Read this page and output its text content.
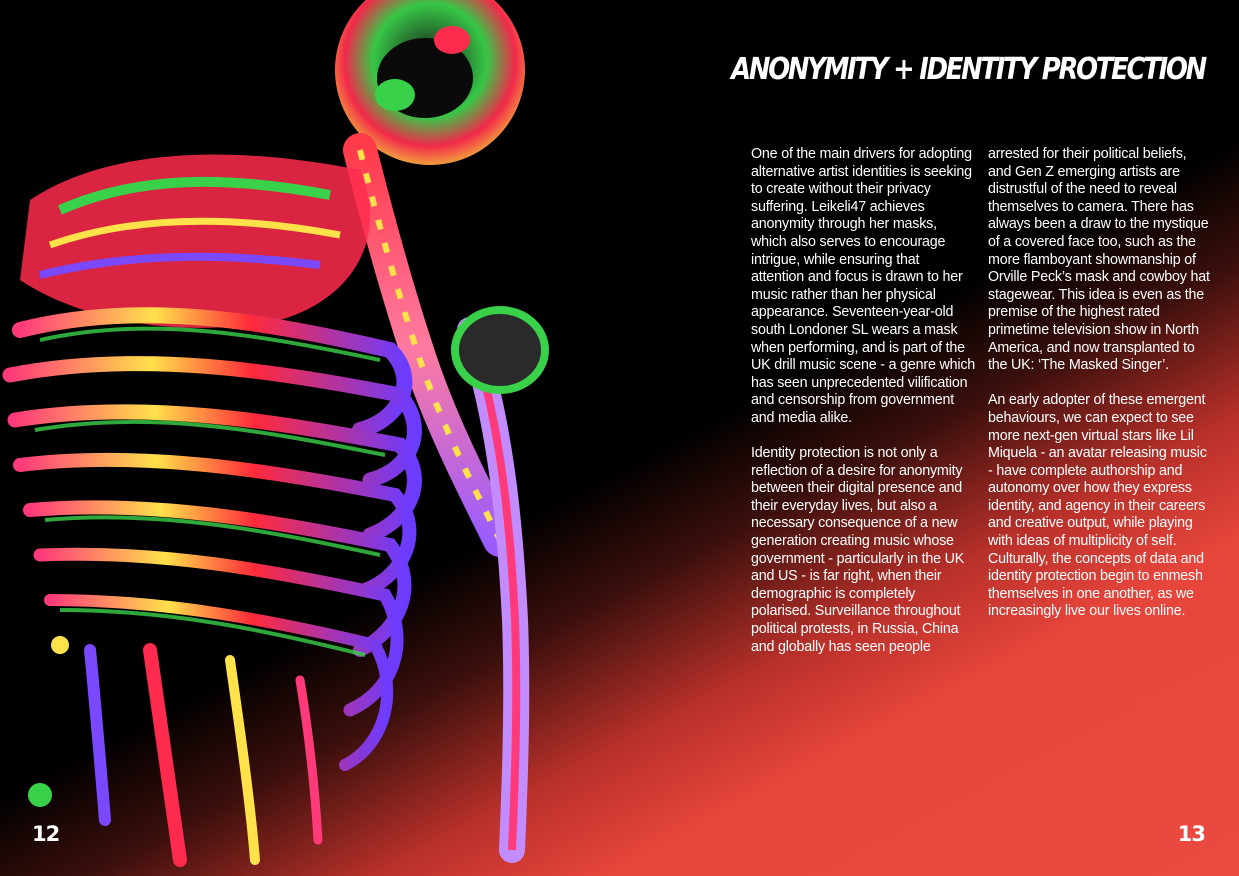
ANONYMITY + IDENTITY PROTECTION

One of the main drivers for adopting alternative artist identities is seeking to create without their privacy suffering. Leikeli47 achieves anonymity through her masks, which also serves to encourage intrigue, while ensuring that attention and focus is drawn to her music rather than her physical appearance. Seventeen-year-old south Londoner SL wears a mask when performing, and is part of the UK drill music scene - a genre which has seen unprecedented vilification and censorship from government and media alike.

Identity protection is not only a reflection of a desire for anonymity between their digital presence and their everyday lives, but also a necessary consequence of a new generation creating music whose government - particularly in the UK and US - is far right, when their demographic is completely polarised. Surveillance throughout political protests, in Russia, China and globally has seen people

arrested for their political beliefs, and Gen Z emerging artists are distrustful of the need to reveal themselves to camera. There has always been a draw to the mystique of a covered face too, such as the more flamboyant showmanship of Orville Peck’s mask and cowboy hat stagewear. This idea is even as the premise of the highest rated primetime television show in North America, and now transplanted to the UK: ‘The Masked Singer’.

An early adopter of these emergent behaviours, we can expect to see more next-gen virtual stars like Lil Miquela - an avatar releasing music - have complete authorship and autonomy over how they express identity, and agency in their careers and creative output, while playing with ideas of multiplicity of self. Culturally, the concepts of data and identity protection begin to enmesh themselves in one another, as we increasingly live our lives online.

12	13
